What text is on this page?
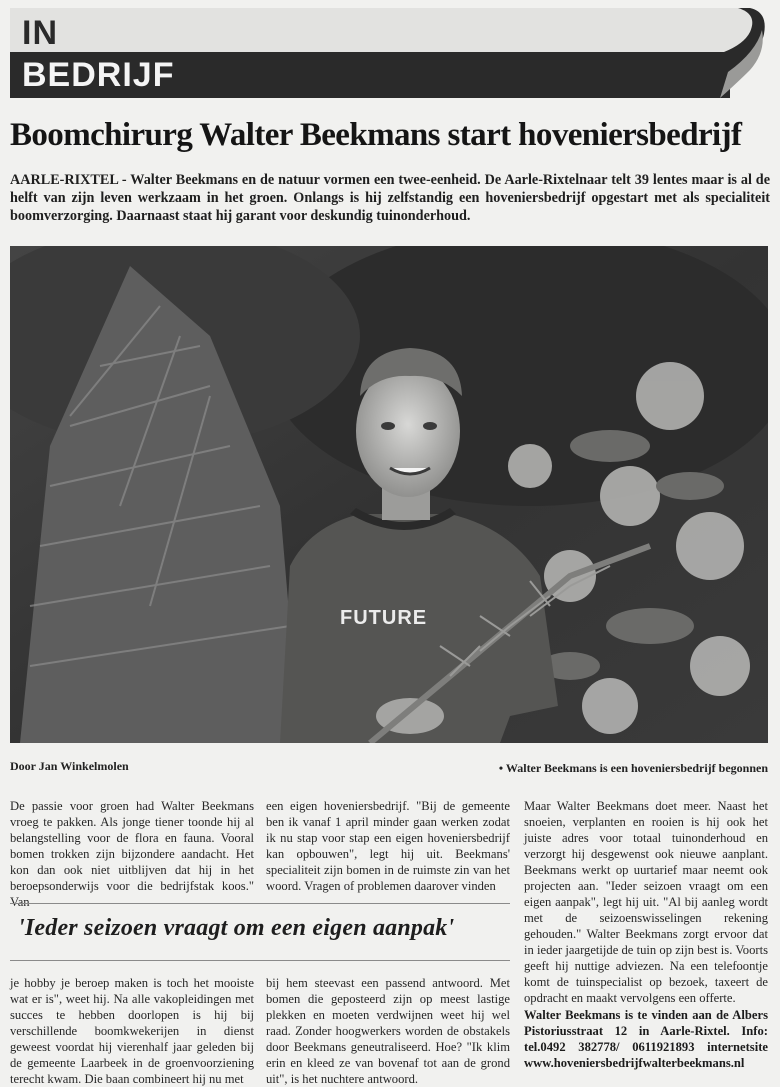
IN
BEDRIJF
Boomchirurg Walter Beekmans start hoveniersbedrijf
AARLE-RIXTEL - Walter Beekmans en de natuur vormen een twee-eenheid. De Aarle-Rixtelnaar telt 39 lentes maar is al de helft van zijn leven werkzaam in het groen. Onlangs is hij zelfstandig een hoveniersbedrijf opgestart met als specialiteit boomverzorging. Daarnaast staat hij garant voor deskundig tuinonderhoud.
FUTURE
Door Jan Winkelmolen	• Walter Beekmans is een hoveniersbedrijf begonnen

De passie voor groen had Walter Beekmans vroeg te pakken. Als jonge tiener toonde hij al belangstelling voor de flora en fauna. Vooral bomen trokken zijn bijzondere aandacht. Het kon dan ook niet uitblijven dat hij in het beroepsonderwijs voor die bedrijfstak koos." Van

een eigen hoveniersbedrijf. "Bij de gemeente ben ik vanaf 1 april minder gaan werken zodat ik nu stap voor stap een eigen hoveniersbedrijf kan opbouwen", legt hij uit. Beekmans' specialiteit zijn bomen in de ruimste zin van het woord. Vragen of problemen daarover vinden

Maar Walter Beekmans doet meer. Naast het snoeien, verplanten en rooien is hij ook het juiste adres voor totaal tuinonderhoud en verzorgt hij desgewenst ook nieuwe aanplant. Beekmans werkt op uurtarief maar neemt ook projecten aan. "Ieder seizoen vraagt om een eigen aanpak", legt hij uit. "Al bij aanleg wordt met de seizoenswisselingen rekening gehouden." Walter Beekmans zorgt ervoor dat in ieder jaargetijde de tuin op zijn best is. Voorts geeft hij nuttige adviezen. Na een telefoontje komt de tuinspecialist op bezoek, taxeert de opdracht en maakt vervolgens een offerte.

'Ieder seizoen vraagt om een eigen aanpak'

je hobby je beroep maken is toch het mooiste wat er is", weet hij. Na alle vakopleidingen met succes te hebben doorlopen is hij bij verschillende boomkwekerijen in dienst geweest voordat hij vierenhalf jaar geleden bij de gemeente Laarbeek in de groenvoorziening terecht kwam. Die baan combineert hij nu met

bij hem steevast een passend antwoord. Met bomen die geposteerd zijn op meest lastige plekken en moeten verdwijnen weet hij wel raad. Zonder hoogwerkers worden de obstakels door Beekmans geneutraliseerd. Hoe? "Ik klim erin en kleed ze van bovenaf tot aan de grond uit", is het nuchtere antwoord.

Walter Beekmans is te vinden aan de Albers Pistoriusstraat 12 in Aarle-Rixtel. Info: tel.0492 382778/ 0611921893 internetsite www.hoveniersbedrijfwalterbeekmans.nl
